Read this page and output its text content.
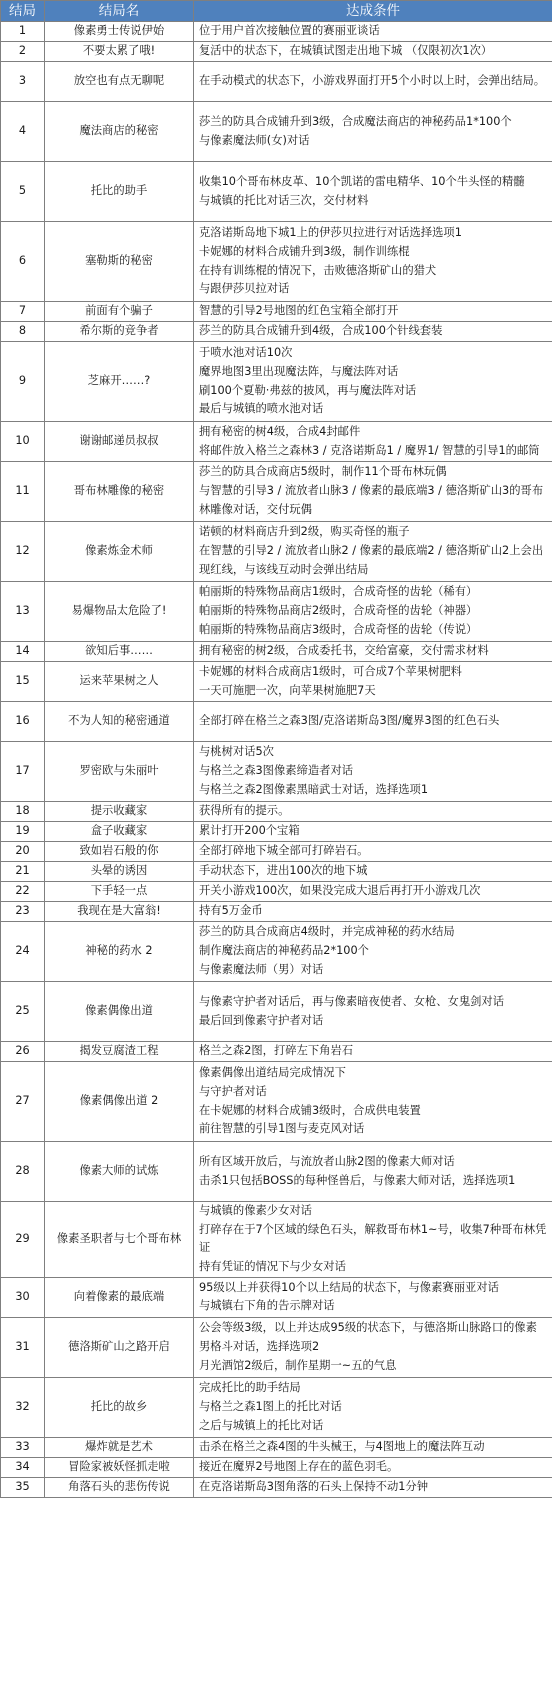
结局	结局名	达成条件
1	像素勇士传说伊始	位于用户首次接触位置的赛丽亚谈话

2	不要太累了哦!	复活中的状态下，在城镇试图走出地下城 （仅限初次1次）

3	放空也有点无聊呢	在手动模式的状态下，小游戏界面打开5个小时以上时，会弹出结局。

4	魔法商店的秘密	莎兰的防具合成铺升到3级，合成魔法商店的神秘药品1*100个
与像素魔法师(女)对话

5	托比的助手	收集10个哥布林皮革、10个凯诺的雷电精华、10个牛头怪的精髓
与城镇的托比对话三次，交付材料

6	塞勒斯的秘密	克洛诺斯岛地下城1上的伊莎贝拉进行对话选择选项1
卡妮娜的材料合成铺升到3级，制作训练棍
在持有训练棍的情况下，击败德洛斯矿山的猎犬
与跟伊莎贝拉对话

7	前面有个骗子	智慧的引导2号地图的红色宝箱全部打开

8	希尔斯的竞争者	莎兰的防具合成铺升到4级，合成100个针线套装

9	芝麻开……?	于喷水池对话10次
魔界地图3里出现魔法阵，与魔法阵对话
刷100个夏勒·弗兹的披风，再与魔法阵对话
最后与城镇的喷水池对话

10	谢谢邮递员叔叔	拥有秘密的树4级，合成4封邮件
将邮件放入格兰之森林3 / 克洛诺斯岛1 / 魔界1/ 智慧的引导1的邮筒

11	哥布林雕像的秘密	莎兰的防具合成商店5级时，制作11个哥布林玩偶
与智慧的引导3 / 流放者山脉3 / 像素的最底端3 / 德洛斯矿山3的哥布林雕像对话，交付玩偶

12	像素炼金术师	诺顿的材料商店升到2级，购买奇怪的瓶子
在智慧的引导2 / 流放者山脉2 / 像素的最底端2 / 德洛斯矿山2上会出现红线，与该线互动时会弹出结局

13	易爆物品太危险了!	帕丽斯的特殊物品商店1级时，合成奇怪的齿轮（稀有）
帕丽斯的特殊物品商店2级时，合成奇怪的齿轮（神器）
帕丽斯的特殊物品商店3级时，合成奇怪的齿轮（传说）

14	欲知后事……	拥有秘密的树2级，合成委托书，交给富豪，交付需求材料

15	运来苹果树之人	卡妮娜的材料合成商店1级时，可合成7个苹果树肥料
一天可施肥一次，向苹果树施肥7天

16	不为人知的秘密通道	全部打碎在格兰之森3图/克洛诺斯岛3图/魔界3图的红色石头

17	罗密欧与朱丽叶	与桃树对话5次
与格兰之森3图像素缔造者对话
与格兰之森2图像素黑暗武士对话，选择选项1

18	提示收藏家	获得所有的提示。

19	盒子收藏家	累计打开200个宝箱

20	致如岩石般的你	全部打碎地下城全部可打碎岩石。

21	头晕的诱因	手动状态下，进出100次的地下城

22	下手轻一点	开关小游戏100次，如果没完成大退后再打开小游戏几次

23	我现在是大富翁!	持有5万金币

24	神秘的药水 2	莎兰的防具合成商店4级时，并完成神秘的药水结局
制作魔法商店的神秘药品2*100个
与像素魔法师（男）对话

25	像素偶像出道	与像素守护者对话后，再与像素暗夜使者、女枪、女鬼剑对话
最后回到像素守护者对话

26	揭发豆腐渣工程	格兰之森2图，打碎左下角岩石

27	像素偶像出道 2	像素偶像出道结局完成情况下
与守护者对话
在卡妮娜的材料合成铺3级时，合成供电装置
前往智慧的引导1图与麦克风对话

28	像素大师的试炼	所有区域开放后，与流放者山脉2图的像素大师对话
击杀1只包括BOSS的每种怪兽后，与像素大师对话，选择选项1

29	像素圣职者与七个哥布林	与城镇的像素少女对话
打碎存在于7个区域的绿色石头，解救哥布林1~号，收集7种哥布林凭证
持有凭证的情况下与少女对话

30	向着像素的最底端	95级以上并获得10个以上结局的状态下，与像素赛丽亚对话
与城镇右下角的告示牌对话

31	德洛斯矿山之路开启	公会等级3级，以上并达成95级的状态下，与德洛斯山脉路口的像素男格斗对话，选择选项2
月光酒馆2级后，制作星期一~五的气息

32	托比的故乡	完成托比的助手结局
与格兰之森1图上的托比对话
之后与城镇上的托比对话

33	爆炸就是艺术	击杀在格兰之森4图的牛头械王，与4图地上的魔法阵互动

34	冒险家被妖怪抓走啦	接近在魔界2号地图上存在的蓝色羽毛。

35	角落石头的悲伤传说	在克洛诺斯岛3图角落的石头上保持不动1分钟
